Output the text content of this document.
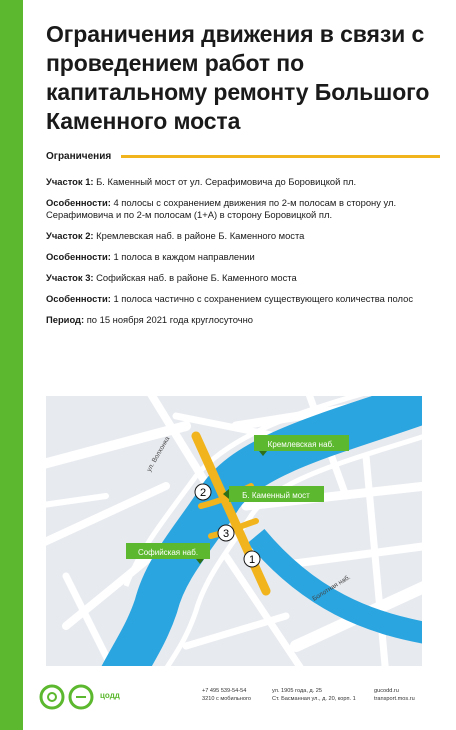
Ограничения движения в связи с проведением работ по капитальному ремонту Большого Каменного моста
Ограничения

Участок 1: Б. Каменный мост от ул. Серафимовича до Боровицкой пл.

Особенности: 4 полосы с сохранением движения по 2-м полосам в сторону ул. Серафимовича и по 2-м полосам (1+А) в сторону Боровицкой пл.

Участок 2: Кремлевская наб. в районе Б. Каменного моста

Особенности: 1 полоса в каждом направлении

Участок 3: Софийская наб. в районе Б. Каменного моста

Особенности: 1 полоса частично с сохранением существующего количества полос

Период: по 15 ноября 2021 года круглосуточно

1
2
3
Кремлевская наб.
Б. Каменный мост
Софийская наб.
ул. Волхонка
Болотная наб.
цодд	+7 495 539-54-54
3210 с мобильного
ул. 1905 года, д. 25
Ст. Басманная ул., д. 20, корп. 1
gucodd.ru
transport.mos.ru
